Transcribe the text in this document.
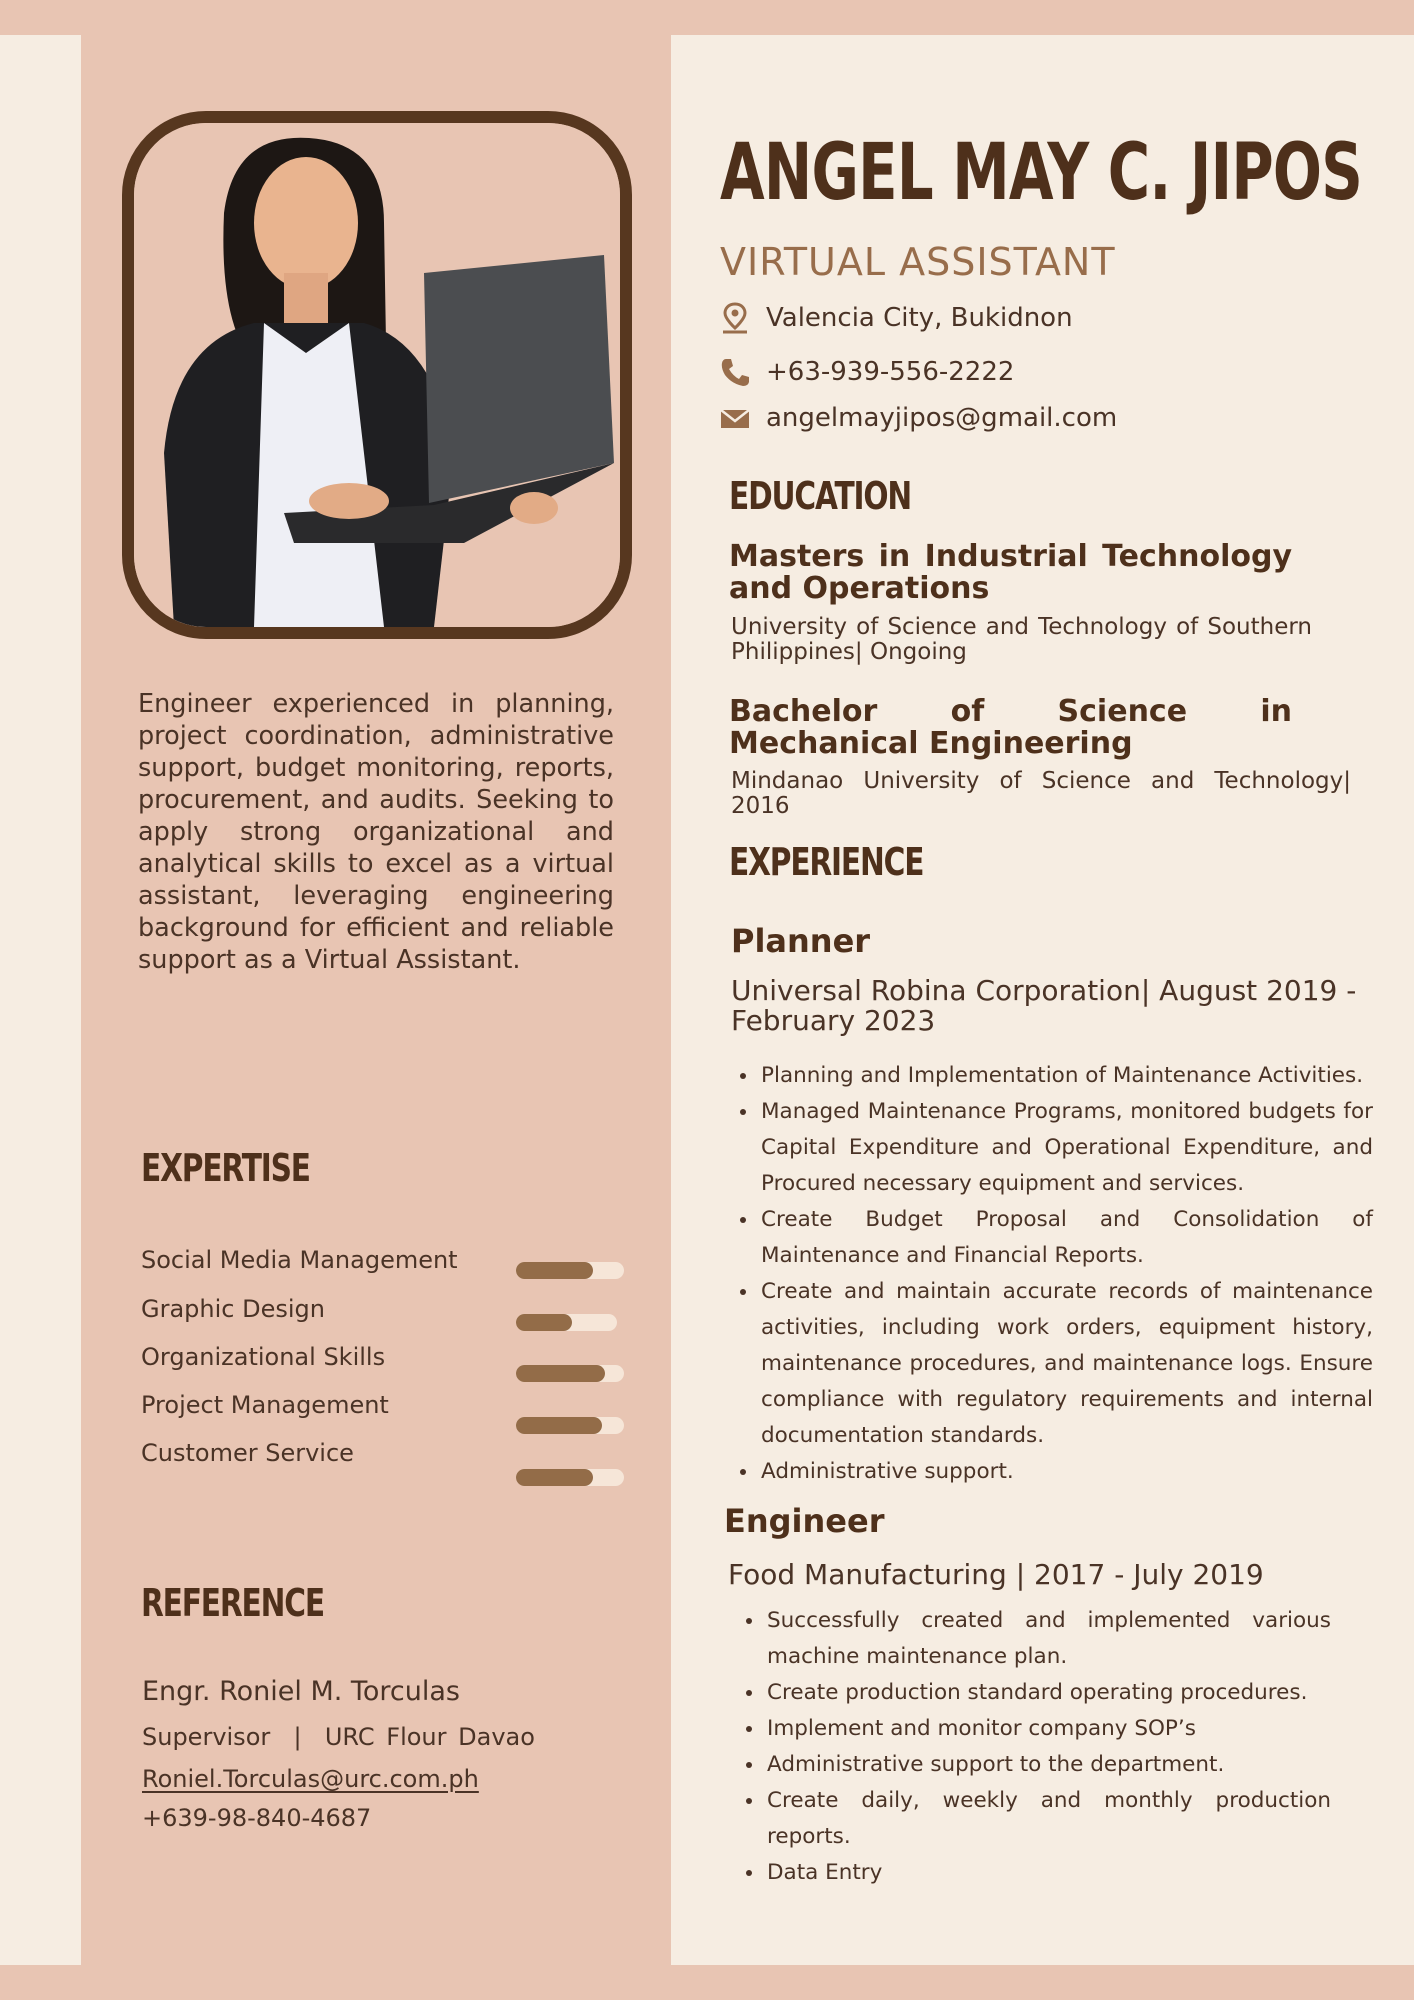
Engineer experienced in planning, project coordination, administrative support, budget monitoring, reports, procurement, and audits. Seeking to apply strong organizational and analytical skills to excel as a virtual assistant, leveraging engineering background for efficient and reliable support as a Virtual Assistant.

EXPERTISE
Social Media Management
Graphic Design
Organizational Skills
Project Management
Customer Service
REFERENCE
Engr. Roniel M. Torculas
Supervisor  |  URC Flour Davao
Roniel.Torculas@urc.com.ph
+639-98-840-4687
ANGEL MAY C. JIPOS
VIRTUAL ASSISTANT
Valencia City, Bukidnon
+63-939-556-2222
angelmayjipos@gmail.com
EDUCATION

Masters in Industrial Technology and Operations

University of Science and Technology of Southern Philippines| Ongoing

Bachelor of Science in Mechanical Engineering

Mindanao University of Science and Technology| 2016

EXPERIENCE
Planner

Universal Robina Corporation| August 2019 - February 2023

• Planning and Implementation of Maintenance Activities.
• Managed Maintenance Programs, monitored budgets for Capital Expenditure and Operational Expenditure, and Procured necessary equipment and services.
• Create Budget Proposal and Consolidation of Maintenance and Financial Reports.
• Create and maintain accurate records of maintenance activities, including work orders, equipment history, maintenance procedures, and maintenance logs. Ensure compliance with regulatory requirements and internal documentation standards.
• Administrative support.
Engineer

Food Manufacturing | 2017 - July 2019

• Successfully created and implemented various machine maintenance plan.
• Create production standard operating procedures.
• Implement and monitor company SOP’s
• Administrative support to the department.
• Create daily, weekly and monthly production reports.
• Data Entry
